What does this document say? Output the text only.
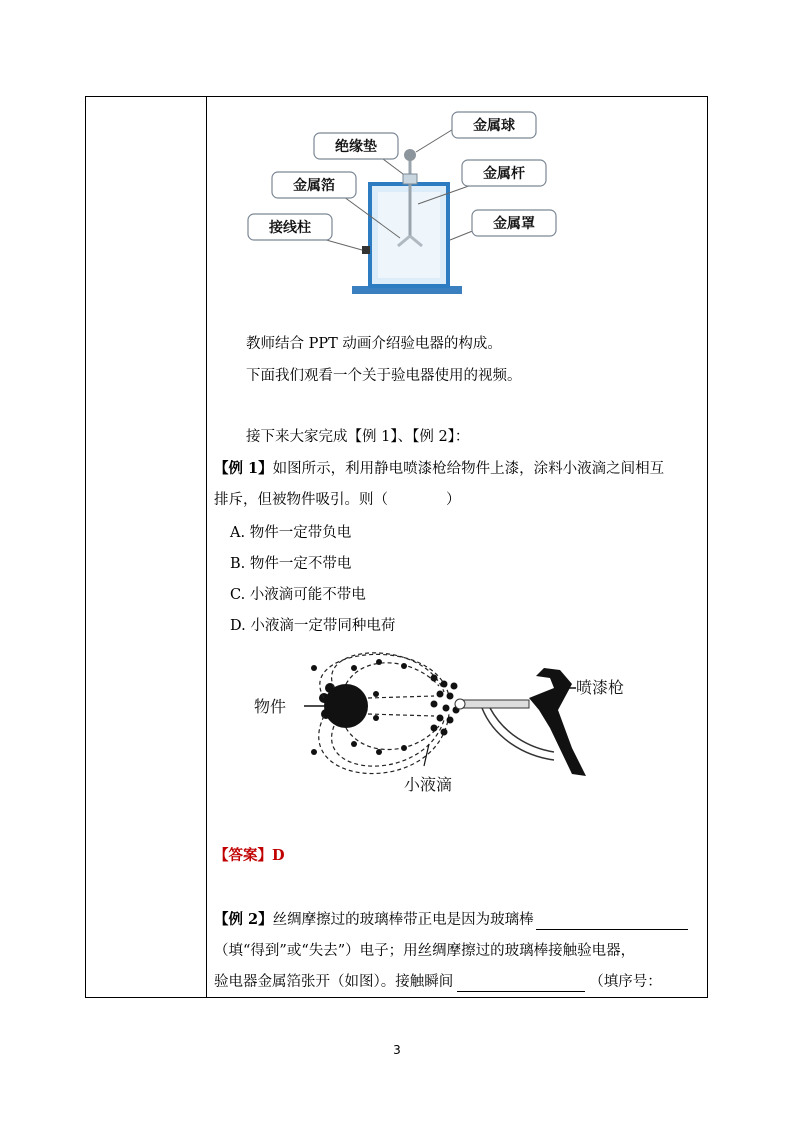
绝缘垫
金属球
金属杆
金属箔
接线柱	金属罩
教师结合 PPT 动画介绍验电器的构成。
下面我们观看一个关于验电器使用的视频。
接下来大家完成【例 1】、【例 2】：
【例 1】如图所示，利用静电喷漆枪给物件上漆，涂料小液滴之间相互
排斥，但被物件吸引。则（　　　　）
A. 物件一定带负电
B. 物件一定不带电
C. 小液滴可能不带电
D. 小液滴一定带同种电荷
物件
喷漆枪
小液滴
【答案】D
【例 2】丝绸摩擦过的玻璃棒带正电是因为玻璃棒
（填“得到”或“失去”）电子；用丝绸摩擦过的玻璃棒接触验电器，
验电器金属箔张开（如图）。接触瞬间	（填序号：
3
